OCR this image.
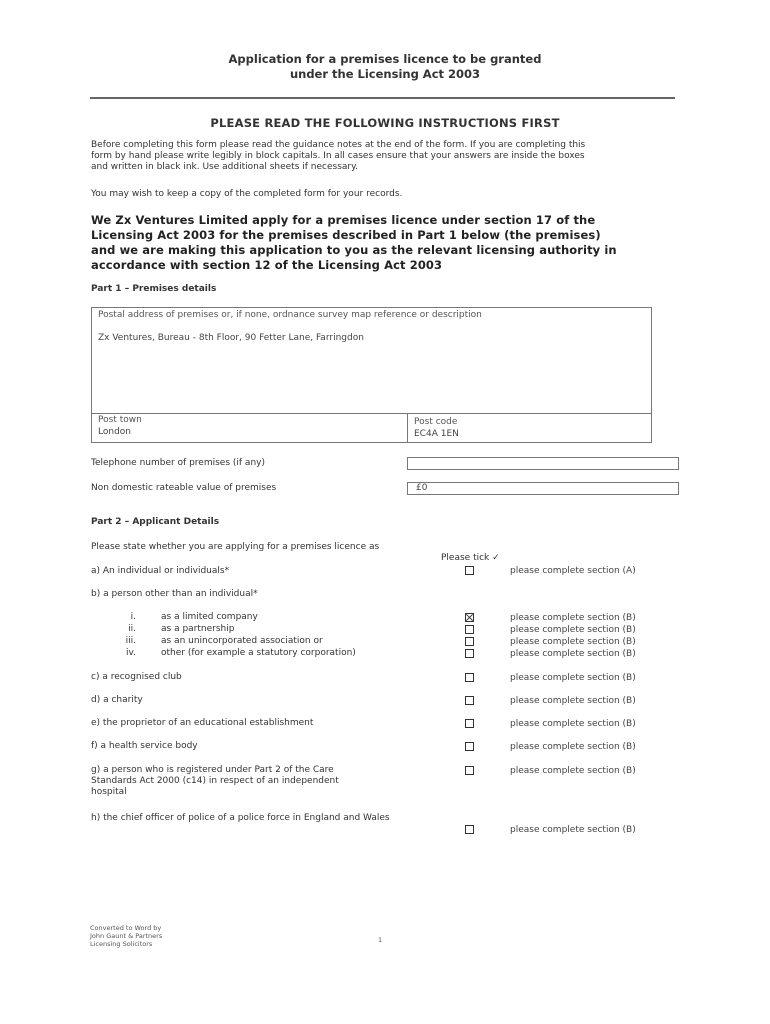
Application for a premises licence to be granted
under the Licensing Act 2003
PLEASE READ THE FOLLOWING INSTRUCTIONS FIRST
Before completing this form please read the guidance notes at the end of the form. If you are completing this
form by hand please write legibly in block capitals. In all cases ensure that your answers are inside the boxes
and written in black ink. Use additional sheets if necessary.
You may wish to keep a copy of the completed form for your records.
We Zx Ventures Limited apply for a premises licence under section 17 of the
Licensing Act 2003 for the premises described in Part 1 below (the premises)
and we are making this application to you as the relevant licensing authority in
accordance with section 12 of the Licensing Act 2003
Part 1 – Premises details
Postal address of premises or, if none, ordnance survey map reference or description
Zx Ventures, Bureau - 8th Floor, 90 Fetter Lane, Farringdon
Post town
London
Post code
EC4A 1EN
Telephone number of premises (if any)
Non domestic rateable value of premises	£0
Part 2 – Applicant Details
Please state whether you are applying for a premises licence as
Please tick ✓
a) An individual or individuals*	please complete section (A)
b) a person other than an individual*
i.	as a limited company	please complete section (B)
ii.	as a partnership	please complete section (B)
iii.	as an unincorporated association or	please complete section (B)
iv.	other (for example a statutory corporation)	please complete section (B)
c) a recognised club	please complete section (B)
d) a charity	please complete section (B)
e) the proprietor of an educational establishment	please complete section (B)
f) a health service body	please complete section (B)
g) a person who is registered under Part 2 of the Care
Standards Act 2000 (c14) in respect of an independent
hospital
please complete section (B)
h) the chief officer of police of a police force in England and Wales
please complete section (B)
Converted to Word by
John Gaunt & Partners
Licensing Solicitors	1
